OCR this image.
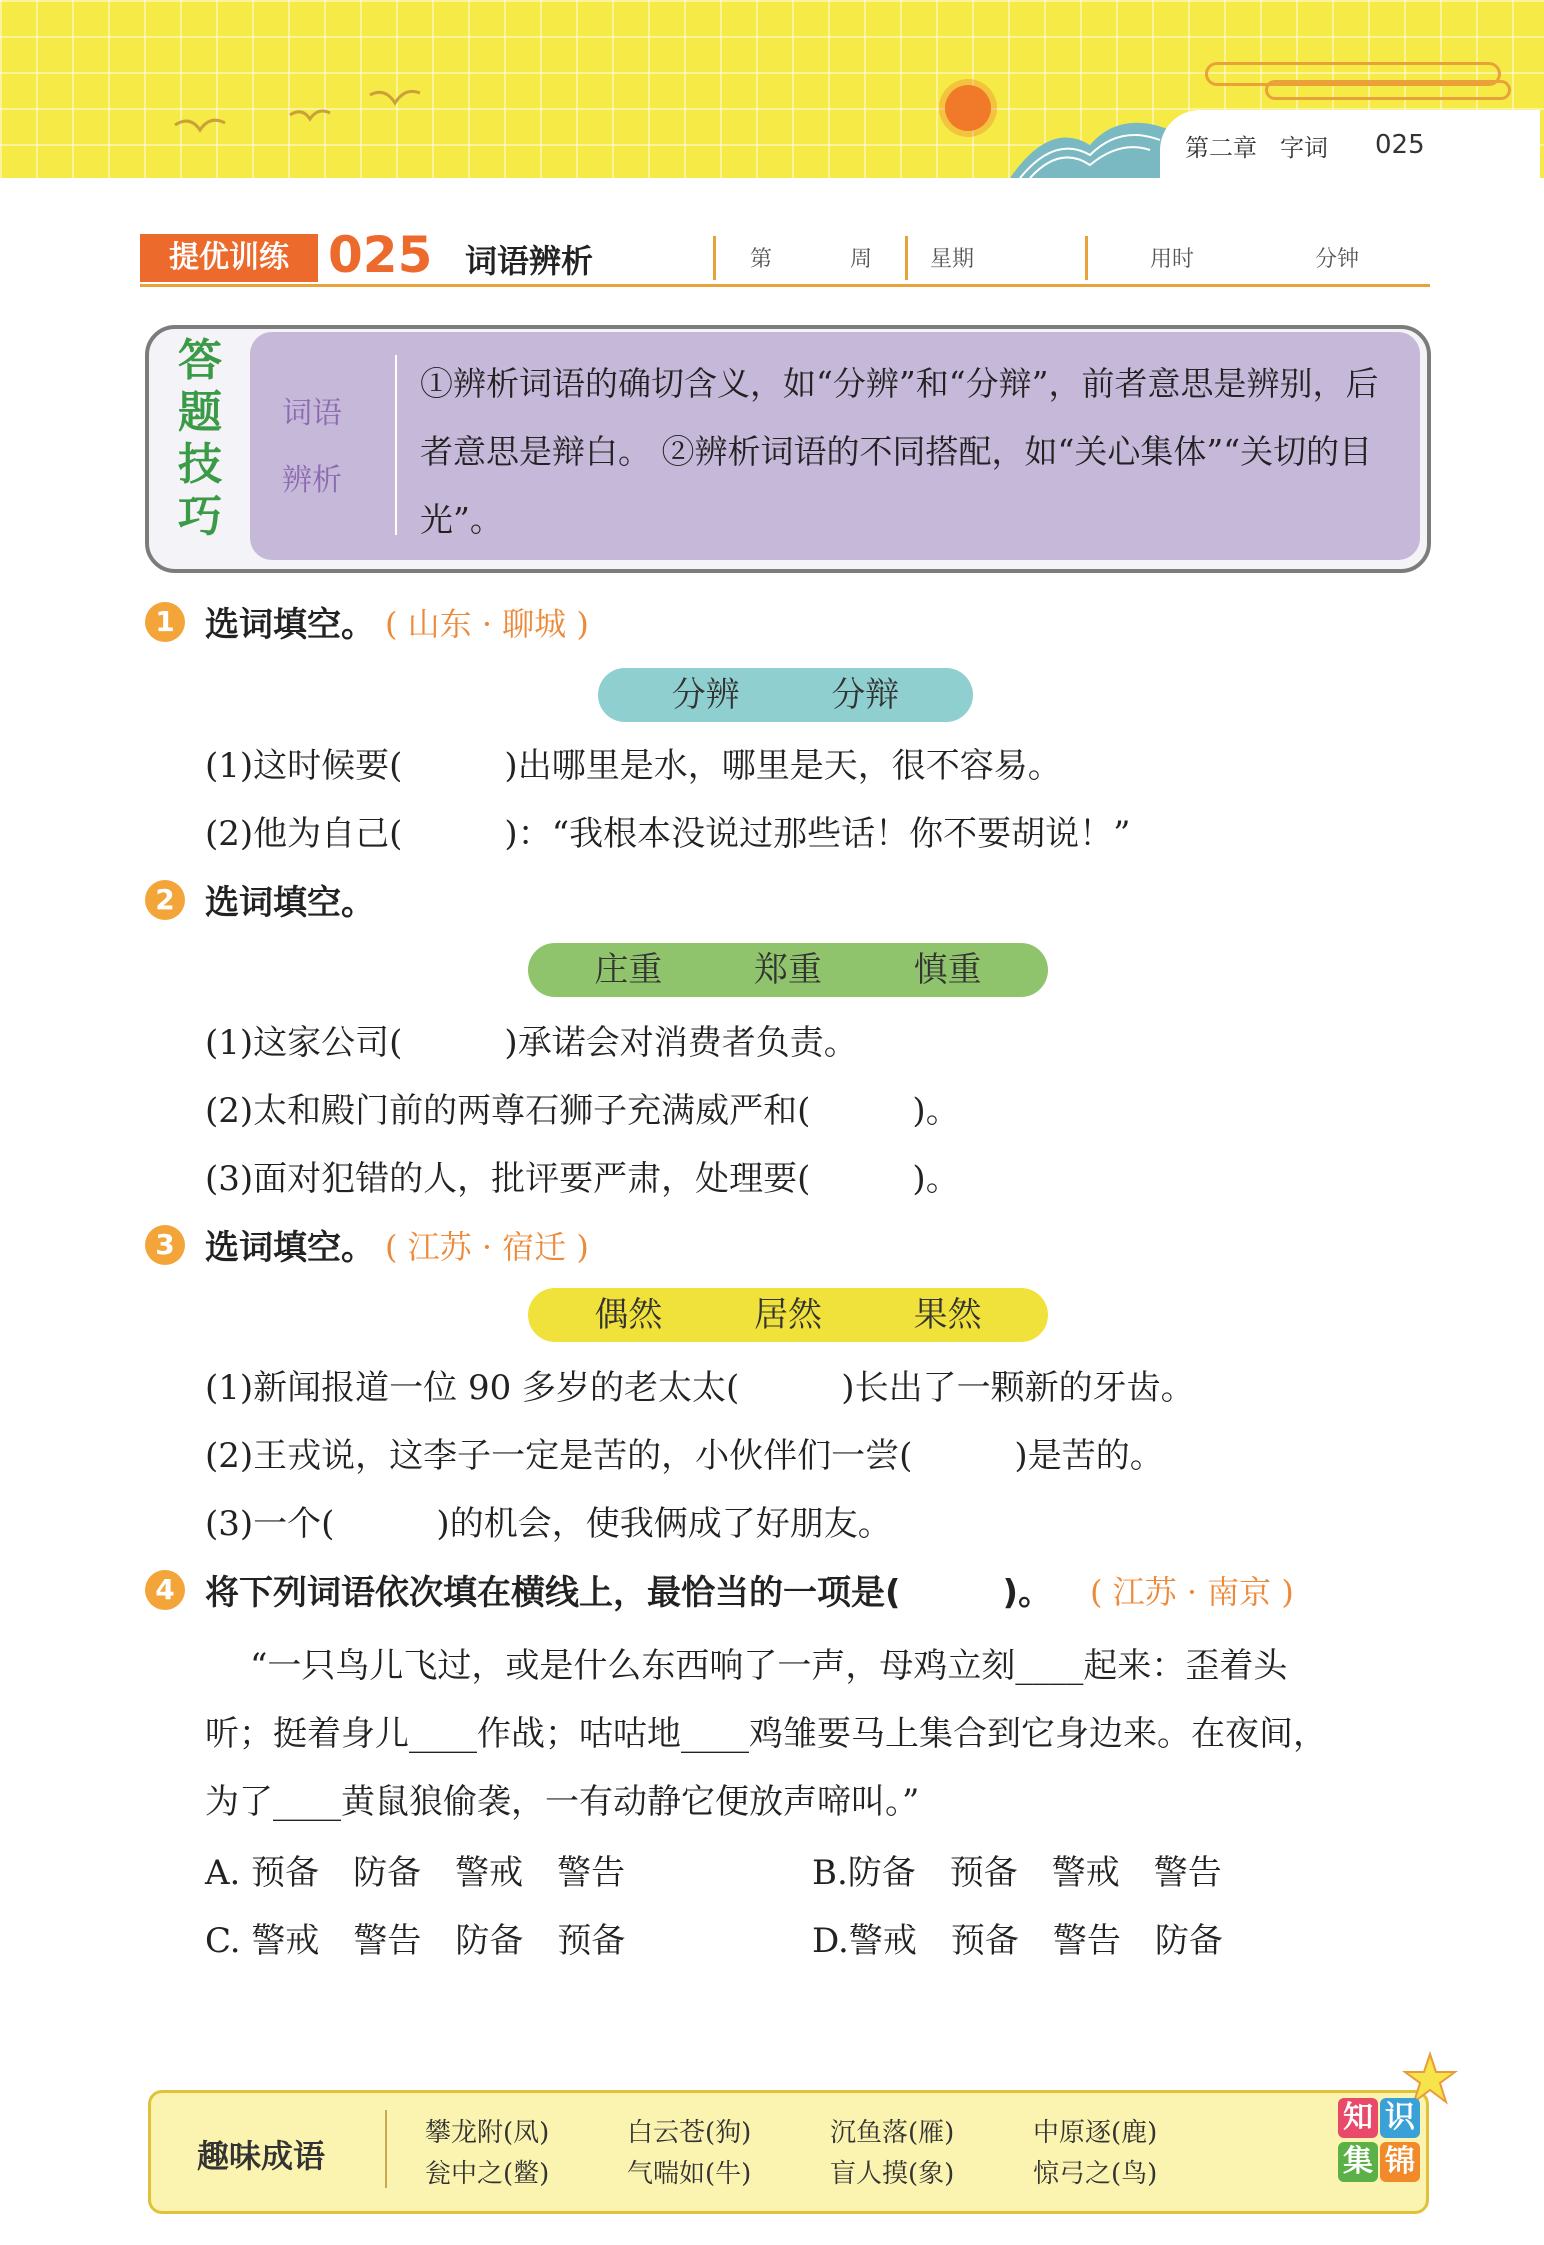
第二章 字词 025
提优训练 025 词语辨析	第	周	星期	用时	分钟
答
题
技
巧
词语
辨析
①辨析词语的确切含义，如“分辨”和“分辩”，前者意思是辨别，后者意思是辩白。 ②辨析词语的不同搭配，如“关心集体”“关切的目光”。
1 选词填空。 ( 山东 · 聊城 )
分辨	分辩
(1)这时候要(　　　)出哪里是水，哪里是天，很不容易。
(2)他为自己(　　　)：“我根本没说过那些话！你不要胡说！”
2 选词填空。
庄重	郑重	慎重
(1)这家公司(　　　)承诺会对消费者负责。
(2)太和殿门前的两尊石狮子充满威严和(　　　)。
(3)面对犯错的人，批评要严肃，处理要(　　　)。
3 选词填空。 ( 江苏 · 宿迁 )
偶然	居然	果然
(1)新闻报道一位 90 多岁的老太太(　　　)长出了一颗新的牙齿。
(2)王戎说，这李子一定是苦的，小伙伴们一尝(　　　)是苦的。
(3)一个(　　　)的机会，使我俩成了好朋友。
4 将下列词语依次填在横线上，最恰当的一项是(　　　)。 ( 江苏 · 南京 )
“一只鸟儿飞过，或是什么东西响了一声，母鸡立刻____起来：歪着头
听；挺着身儿____作战；咕咕地____鸡雏要马上集合到它身边来。在夜间，
为了____黄鼠狼偷袭，一有动静它便放声啼叫。”
A. 预备　防备　警戒　警告	B.防备　预备　警戒　警告
C. 警戒　警告　防备　预备	D.警戒　预备　警告　防备
趣味成语
攀龙附(凤)	白云苍(狗)	沉鱼落(雁)	中原逐(鹿)
瓮中之(鳖)	气喘如(牛)	盲人摸(象)	惊弓之(鸟)
知 识
集 锦
